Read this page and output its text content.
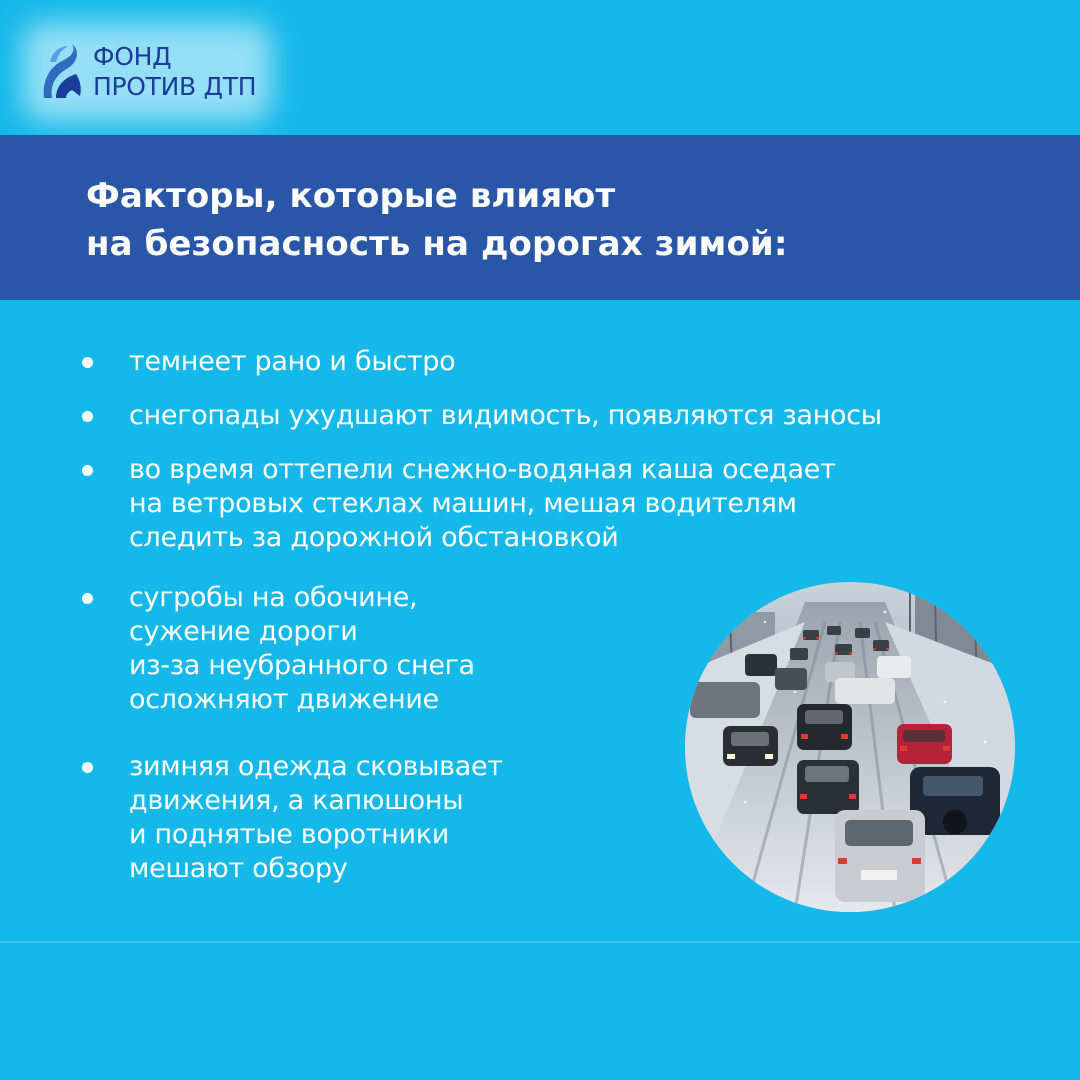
ФОНД
ПРОТИВ ДТП
Факторы, которые влияют
на безопасность на дорогах зимой:
темнеет рано и быстро
снегопады ухудшают видимость, появляются заносы
во время оттепели снежно-водяная каша оседает
на ветровых стеклах машин, мешая водителям
следить за дорожной обстановкой
сугробы на обочине,
сужение дороги
из-за неубранного снега
осложняют движение
зимняя одежда сковывает
движения, а капюшоны
и поднятые воротники
мешают обзору
